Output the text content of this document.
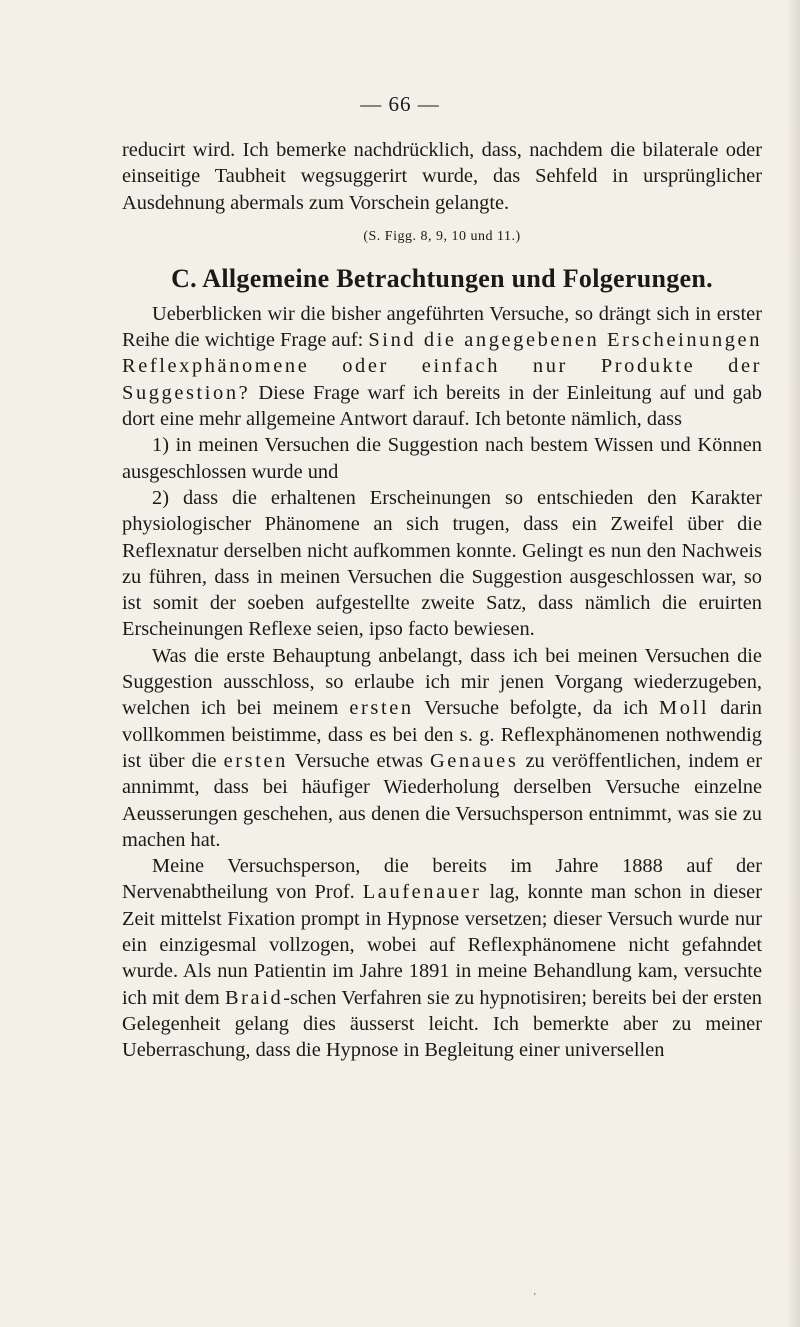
— 66 —

reducirt wird. Ich bemerke nachdrücklich, dass, nachdem die bilaterale oder einseitige Taubheit wegsuggerirt wurde, das Sehfeld in ursprünglicher Ausdehnung abermals zum Vorschein gelangte.

(S. Figg. 8, 9, 10 und 11.)
C. Allgemeine Betrachtungen und Folgerungen.

Ueberblicken wir die bisher angeführten Versuche, so drängt sich in erster Reihe die wichtige Frage auf: Sind die angegebenen Erscheinungen Reflexphänomene oder einfach nur Produkte der Suggestion? Diese Frage warf ich bereits in der Einleitung auf und gab dort eine mehr allgemeine Antwort darauf. Ich betonte nämlich, dass

1) in meinen Versuchen die Suggestion nach bestem Wissen und Können ausgeschlossen wurde und

2) dass die erhaltenen Erscheinungen so entschieden den Karakter physiologischer Phänomene an sich trugen, dass ein Zweifel über die Reflexnatur derselben nicht aufkommen konnte. Gelingt es nun den Nachweis zu führen, dass in meinen Versuchen die Suggestion ausgeschlossen war, so ist somit der soeben aufgestellte zweite Satz, dass nämlich die eruirten Erscheinungen Reflexe seien, ipso facto bewiesen.

Was die erste Behauptung anbelangt, dass ich bei meinen Versuchen die Suggestion ausschloss, so erlaube ich mir jenen Vorgang wiederzugeben, welchen ich bei meinem ersten Versuche befolgte, da ich Moll darin vollkommen beistimme, dass es bei den s. g. Reflexphänomenen nothwendig ist über die ersten Versuche etwas Genaues zu veröffentlichen, indem er annimmt, dass bei häufiger Wiederholung derselben Versuche einzelne Aeusserungen geschehen, aus denen die Versuchsperson entnimmt, was sie zu machen hat.

Meine Versuchsperson, die bereits im Jahre 1888 auf der Nervenabtheilung von Prof. Laufenauer lag, konnte man schon in dieser Zeit mittelst Fixation prompt in Hypnose versetzen; dieser Versuch wurde nur ein einzigesmal vollzogen, wobei auf Reflexphänomene nicht gefahndet wurde. Als nun Patientin im Jahre 1891 in meine Behandlung kam, versuchte ich mit dem Braid-schen Verfahren sie zu hypnotisiren; bereits bei der ersten Gelegenheit gelang dies äusserst leicht. Ich bemerkte aber zu meiner Ueberraschung, dass die Hypnose in Begleitung einer universellen

'
